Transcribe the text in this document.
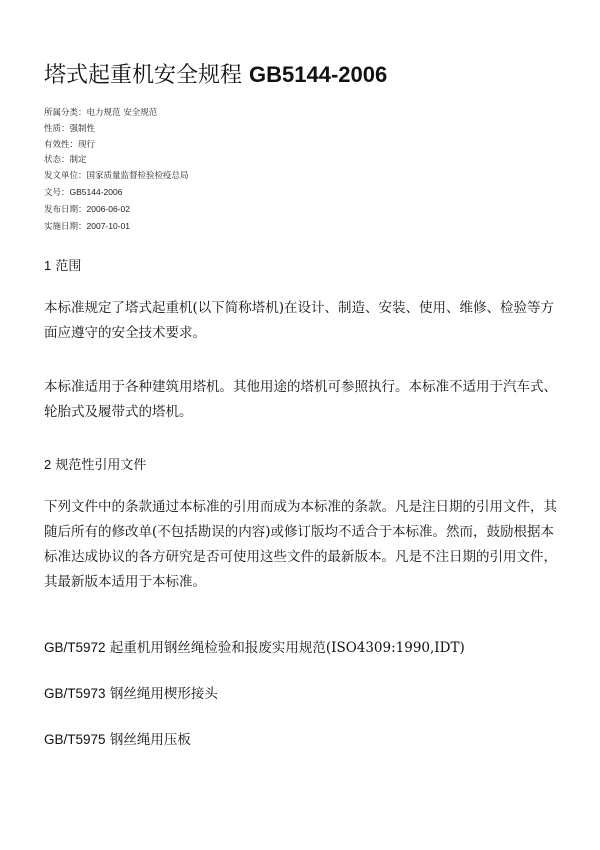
塔式起重机安全规程 GB5144-2006
所属分类：电力规范 安全规范
性质：强制性
有效性：现行
状态：制定
发文单位：国家质量监督检验检疫总局
文号：GB5144-2006
发布日期：2006-06-02
实施日期：2007-10-01
1 范围
本标准规定了塔式起重机(以下简称塔机)在设计、制造、安装、使用、维修、检验等方
面应遵守的安全技术要求。
本标准适用于各种建筑用塔机。其他用途的塔机可参照执行。本标准不适用于汽车式、
轮胎式及履带式的塔机。
2 规范性引用文件
下列文件中的条款通过本标准的引用而成为本标准的条款。凡是注日期的引用文件，其
随后所有的修改单(不包括勘误的内容)或修订版均不适合于本标准。然而，鼓励根据本
标准达成协议的各方研究是否可使用这些文件的最新版本。凡是不注日期的引用文件，
其最新版本适用于本标准。
GB/T5972 起重机用钢丝绳检验和报废实用规范(ISO4309:1990,IDT)
GB/T5973 钢丝绳用楔形接头
GB/T5975 钢丝绳用压板
